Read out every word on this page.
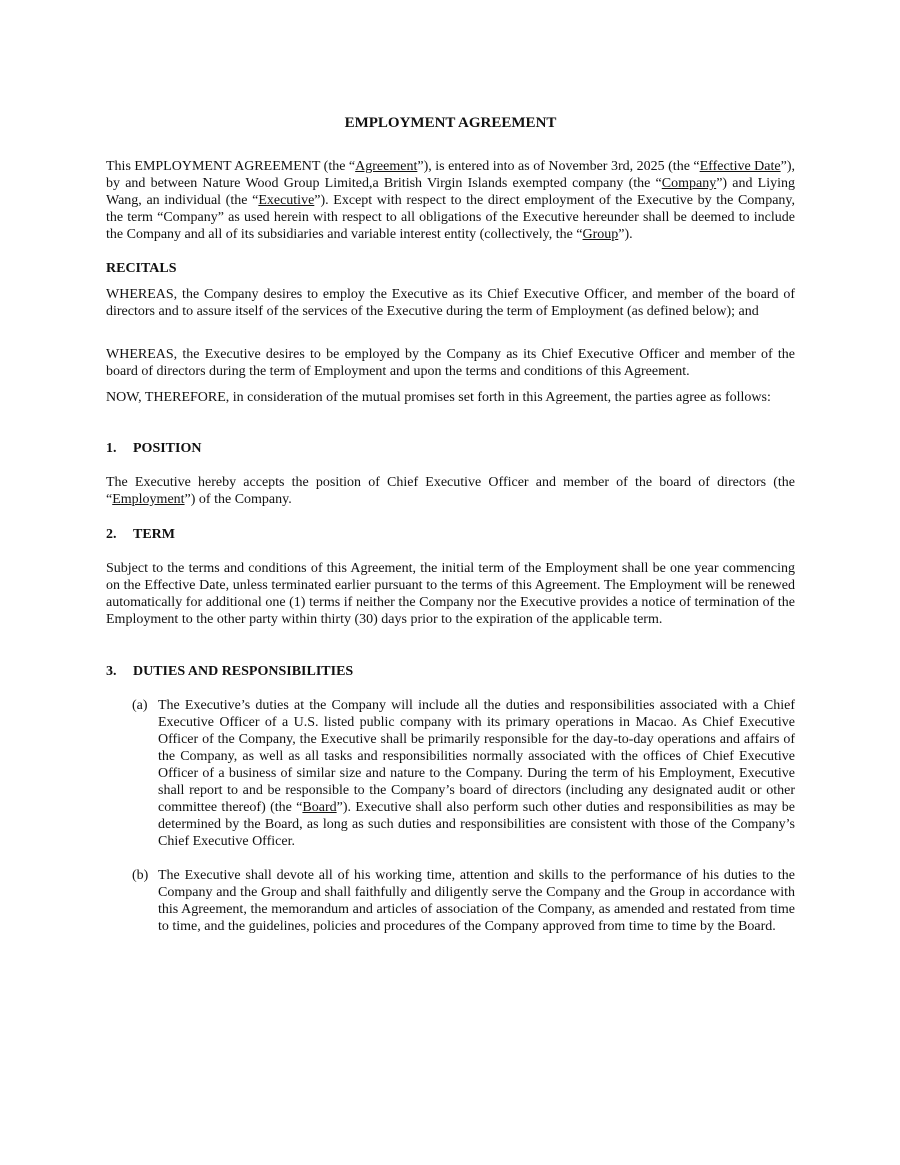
EMPLOYMENT AGREEMENT

This EMPLOYMENT AGREEMENT (the “Agreement”), is entered into as of November 3rd, 2025 (the “Effective Date”), by and between Nature Wood Group Limited,a British Virgin Islands exempted company (the “Company”) and Liying Wang, an individual (the “Executive”). Except with respect to the direct employment of the Executive by the Company, the term “Company” as used herein with respect to all obligations of the Executive hereunder shall be deemed to include the Company and all of its subsidiaries and variable interest entity (collectively, the “Group”).

RECITALS

WHEREAS, the Company desires to employ the Executive as its Chief Executive Officer, and member of the board of directors and to assure itself of the services of the Executive during the term of Employment (as defined below); and

WHEREAS, the Executive desires to be employed by the Company as its Chief Executive Officer and member of the board of directors during the term of Employment and upon the terms and conditions of this Agreement.

NOW, THEREFORE, in consideration of the mutual promises set forth in this Agreement, the parties agree as follows:

1. POSITION

The Executive hereby accepts the position of Chief Executive Officer and member of the board of directors (the “Employment”) of the Company.

2. TERM

Subject to the terms and conditions of this Agreement, the initial term of the Employment shall be one year commencing on the Effective Date, unless terminated earlier pursuant to the terms of this Agreement. The Employment will be renewed automatically for additional one (1) terms if neither the Company nor the Executive provides a notice of termination of the Employment to the other party within thirty (30) days prior to the expiration of the applicable term.

3. DUTIES AND RESPONSIBILITIES
(a) The Executive’s duties at the Company will include all the duties and responsibilities associated with a Chief Executive Officer of a U.S. listed public company with its primary operations in Macao. As Chief Executive Officer of the Company, the Executive shall be primarily responsible for the day-to-day operations and affairs of the Company, as well as all tasks and responsibilities normally associated with the offices of Chief Executive Officer of a business of similar size and nature to the Company. During the term of his Employment, Executive shall report to and be responsible to the Company’s board of directors (including any designated audit or other committee thereof) (the “Board”). Executive shall also perform such other duties and responsibilities as may be determined by the Board, as long as such duties and responsibilities are consistent with those of the Company’s Chief Executive Officer.
(b) The Executive shall devote all of his working time, attention and skills to the performance of his duties to the Company and the Group and shall faithfully and diligently serve the Company and the Group in accordance with this Agreement, the memorandum and articles of association of the Company, as amended and restated from time to time, and the guidelines, policies and procedures of the Company approved from time to time by the Board.
